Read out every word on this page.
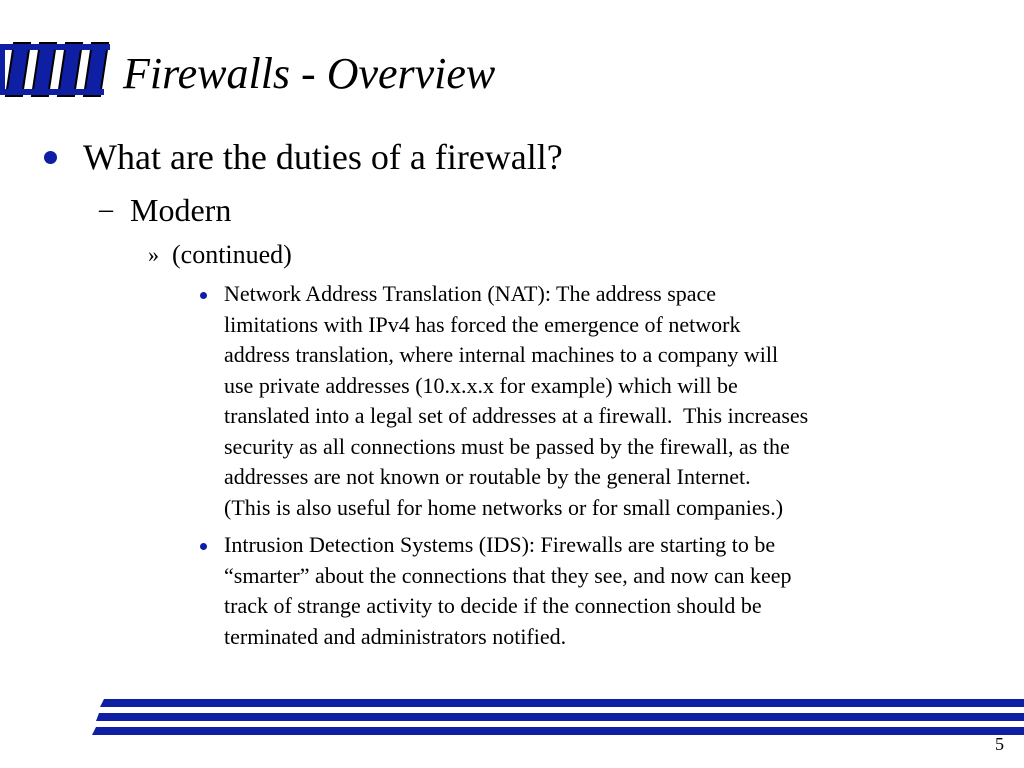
Firewalls - Overview
What are the duties of a firewall?
– Modern
» (continued)
Network Address Translation (NAT): The address space
limitations with IPv4 has forced the emergence of network
address translation, where internal machines to a company will
use private addresses (10.x.x.x for example) which will be
translated into a legal set of addresses at a firewall.  This increases
security as all connections must be passed by the firewall, as the
addresses are not known or routable by the general Internet.
(This is also useful for home networks or for small companies.)
Intrusion Detection Systems (IDS): Firewalls are starting to be
“smarter” about the connections that they see, and now can keep
track of strange activity to decide if the connection should be
terminated and administrators notified.
5
